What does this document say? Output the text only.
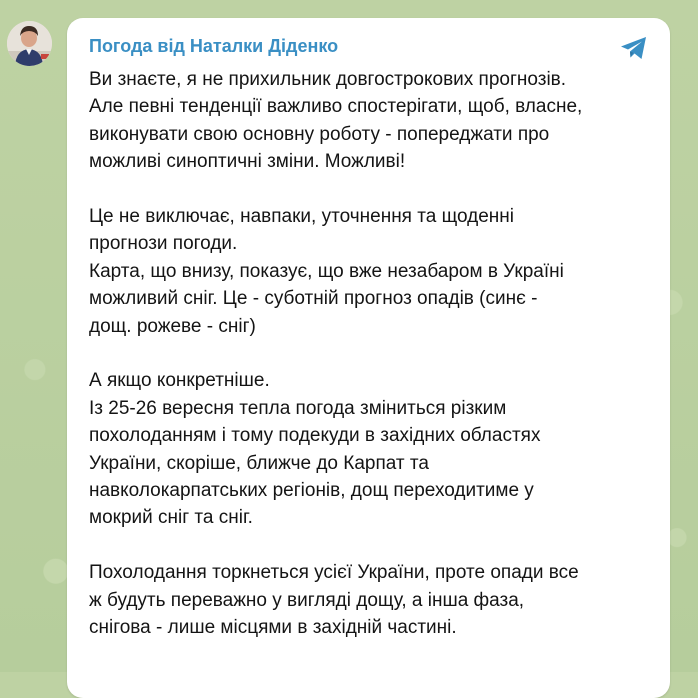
Погода від Наталки Діденко

Ви знаєте, я не прихильник довгострокових прогнозів.

Але певні тенденції важливо спостерігати, щоб, власне,

виконувати свою основну роботу - попереджати про

можливі синоптичні зміни. Можливі!

Це не виключає, навпаки, уточнення та щоденні

прогнози погоди.

Карта, що внизу, показує, що вже незабаром в Україні

можливий сніг. Це - суботній прогноз опадів (синє -

дощ. рожеве - сніг)

А якщо конкретніше.

Із 25-26 вересня тепла погода зміниться різким

похолоданням і тому подекуди в західних областях

України, скоріше, ближче до Карпат та

навколокарпатських регіонів, дощ переходитиме у

мокрий сніг та сніг.

Похолодання торкнеться усієї України, проте опади все

ж будуть переважно у вигляді дощу, а інша фаза,

снігова - лише місцями в західній частині.
